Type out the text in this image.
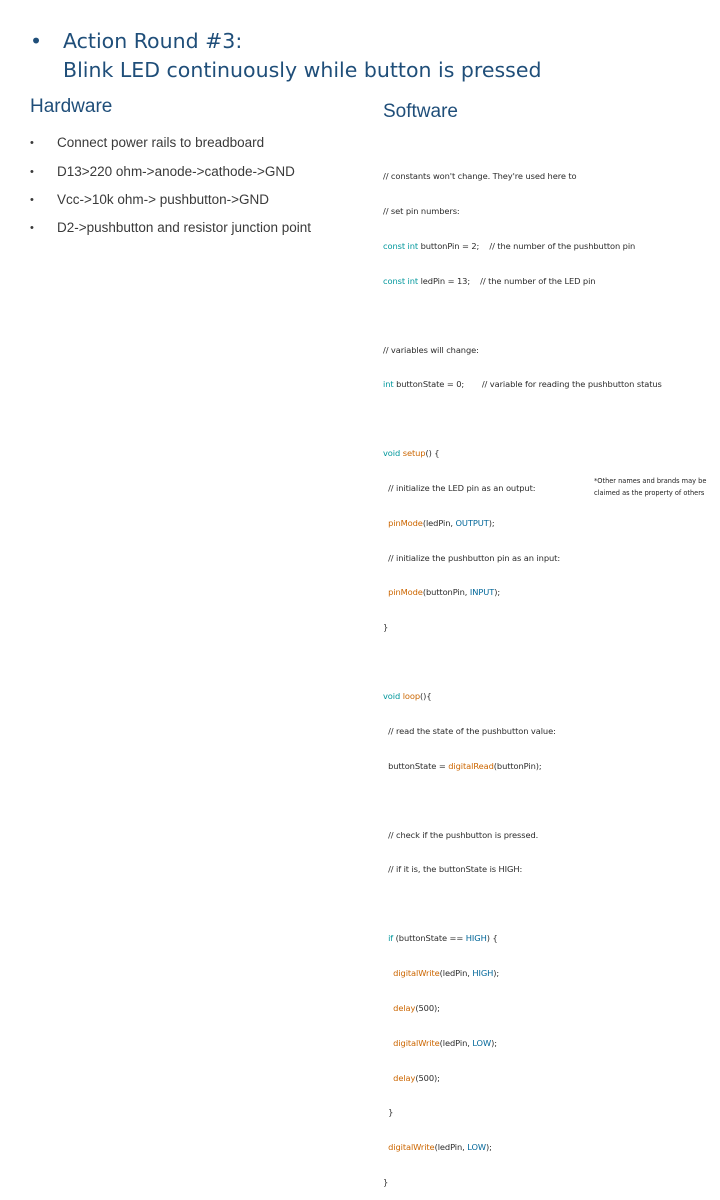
• Action Round #3:
Blink LED continuously while button is pressed
Hardware
• Connect power rails to breadboard
• D13>220 ohm->anode->cathode->GND
• Vcc->10k ohm-> pushbutton->GND
• D2->pushbutton and resistor junction point
Software

// constants won't change. They're used here to

// set pin numbers:

const int buttonPin = 2;    // the number of the pushbutton pin

const int ledPin = 13;    // the number of the LED pin

// variables will change:

int buttonState = 0;       // variable for reading the pushbutton status

void setup() {

// initialize the LED pin as an output:

pinMode(ledPin, OUTPUT);

// initialize the pushbutton pin as an input:

pinMode(buttonPin, INPUT);

}

void loop(){

// read the state of the pushbutton value:

buttonState = digitalRead(buttonPin);

// check if the pushbutton is pressed.

// if it is, the buttonState is HIGH:

if (buttonState == HIGH) {

digitalWrite(ledPin, HIGH);

delay(500);

digitalWrite(ledPin, LOW);

delay(500);

}

digitalWrite(ledPin, LOW);

}

*Other names and brands may be
claimed as the property of others
